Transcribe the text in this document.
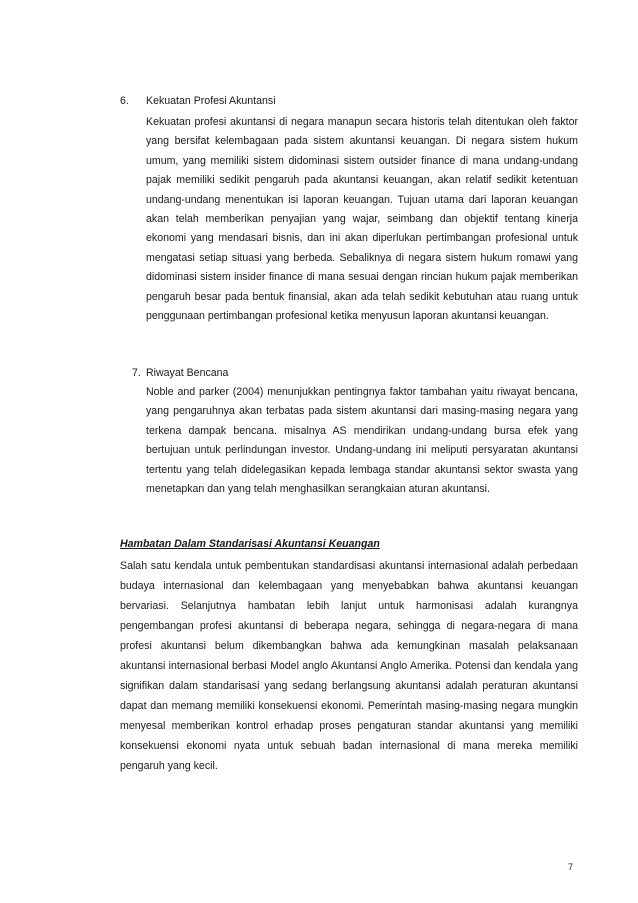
6. Kekuatan Profesi Akuntansi
Kekuatan profesi akuntansi di negara manapun secara historis telah ditentukan oleh faktor yang bersifat kelembagaan pada sistem akuntansi keuangan. Di negara sistem hukum umum, yang memiliki sistem didominasi sistem outsider finance di mana undang-undang pajak memiliki sedikit pengaruh pada akuntansi keuangan, akan relatif sedikit ketentuan undang-undang menentukan isi laporan keuangan. Tujuan utama dari laporan keuangan akan telah memberikan penyajian yang wajar, seimbang dan objektif tentang kinerja ekonomi yang mendasari bisnis, dan ini akan diperlukan pertimbangan profesional untuk mengatasi setiap situasi yang berbeda. Sebaliknya di negara sistem hukum romawi yang didominasi sistem insider finance di mana sesuai dengan rincian hukum pajak memberikan pengaruh besar pada bentuk finansial, akan ada telah sedikit kebutuhan atau ruang untuk penggunaan pertimbangan profesional ketika menyusun laporan akuntansi keuangan.
7. Riwayat Bencana
Noble and parker (2004) menunjukkan pentingnya faktor tambahan yaitu riwayat bencana, yang pengaruhnya akan terbatas pada sistem akuntansi dari masing-masing negara yang terkena dampak bencana. misalnya AS mendirikan undang-undang bursa efek yang bertujuan untuk perlindungan investor. Undang-undang ini meliputi persyaratan akuntansi tertentu yang telah didelegasikan kepada lembaga standar akuntansi sektor swasta yang menetapkan dan yang telah menghasilkan serangkaian aturan akuntansi.
Hambatan Dalam Standarisasi Akuntansi Keuangan
Salah satu kendala untuk pembentukan standardisasi akuntansi internasional adalah perbedaan budaya internasional dan kelembagaan yang menyebabkan bahwa akuntansi keuangan bervariasi. Selanjutnya hambatan lebih lanjut untuk harmonisasi adalah kurangnya pengembangan profesi akuntansi di beberapa negara, sehingga di negara-negara di mana profesi akuntansi belum dikembangkan bahwa ada kemungkinan masalah pelaksanaan akuntansi internasional berbasi Model anglo Akuntansi Anglo Amerika. Potensi dan kendala yang signifikan dalam standarisasi yang sedang berlangsung akuntansi adalah peraturan akuntansi dapat dan memang memiliki konsekuensi ekonomi. Pemerintah masing-masing negara mungkin menyesal memberikan kontrol erhadap proses pengaturan standar akuntansi yang memiliki konsekuensi ekonomi nyata untuk sebuah badan internasional di mana mereka memiliki pengaruh yang kecil.
7
